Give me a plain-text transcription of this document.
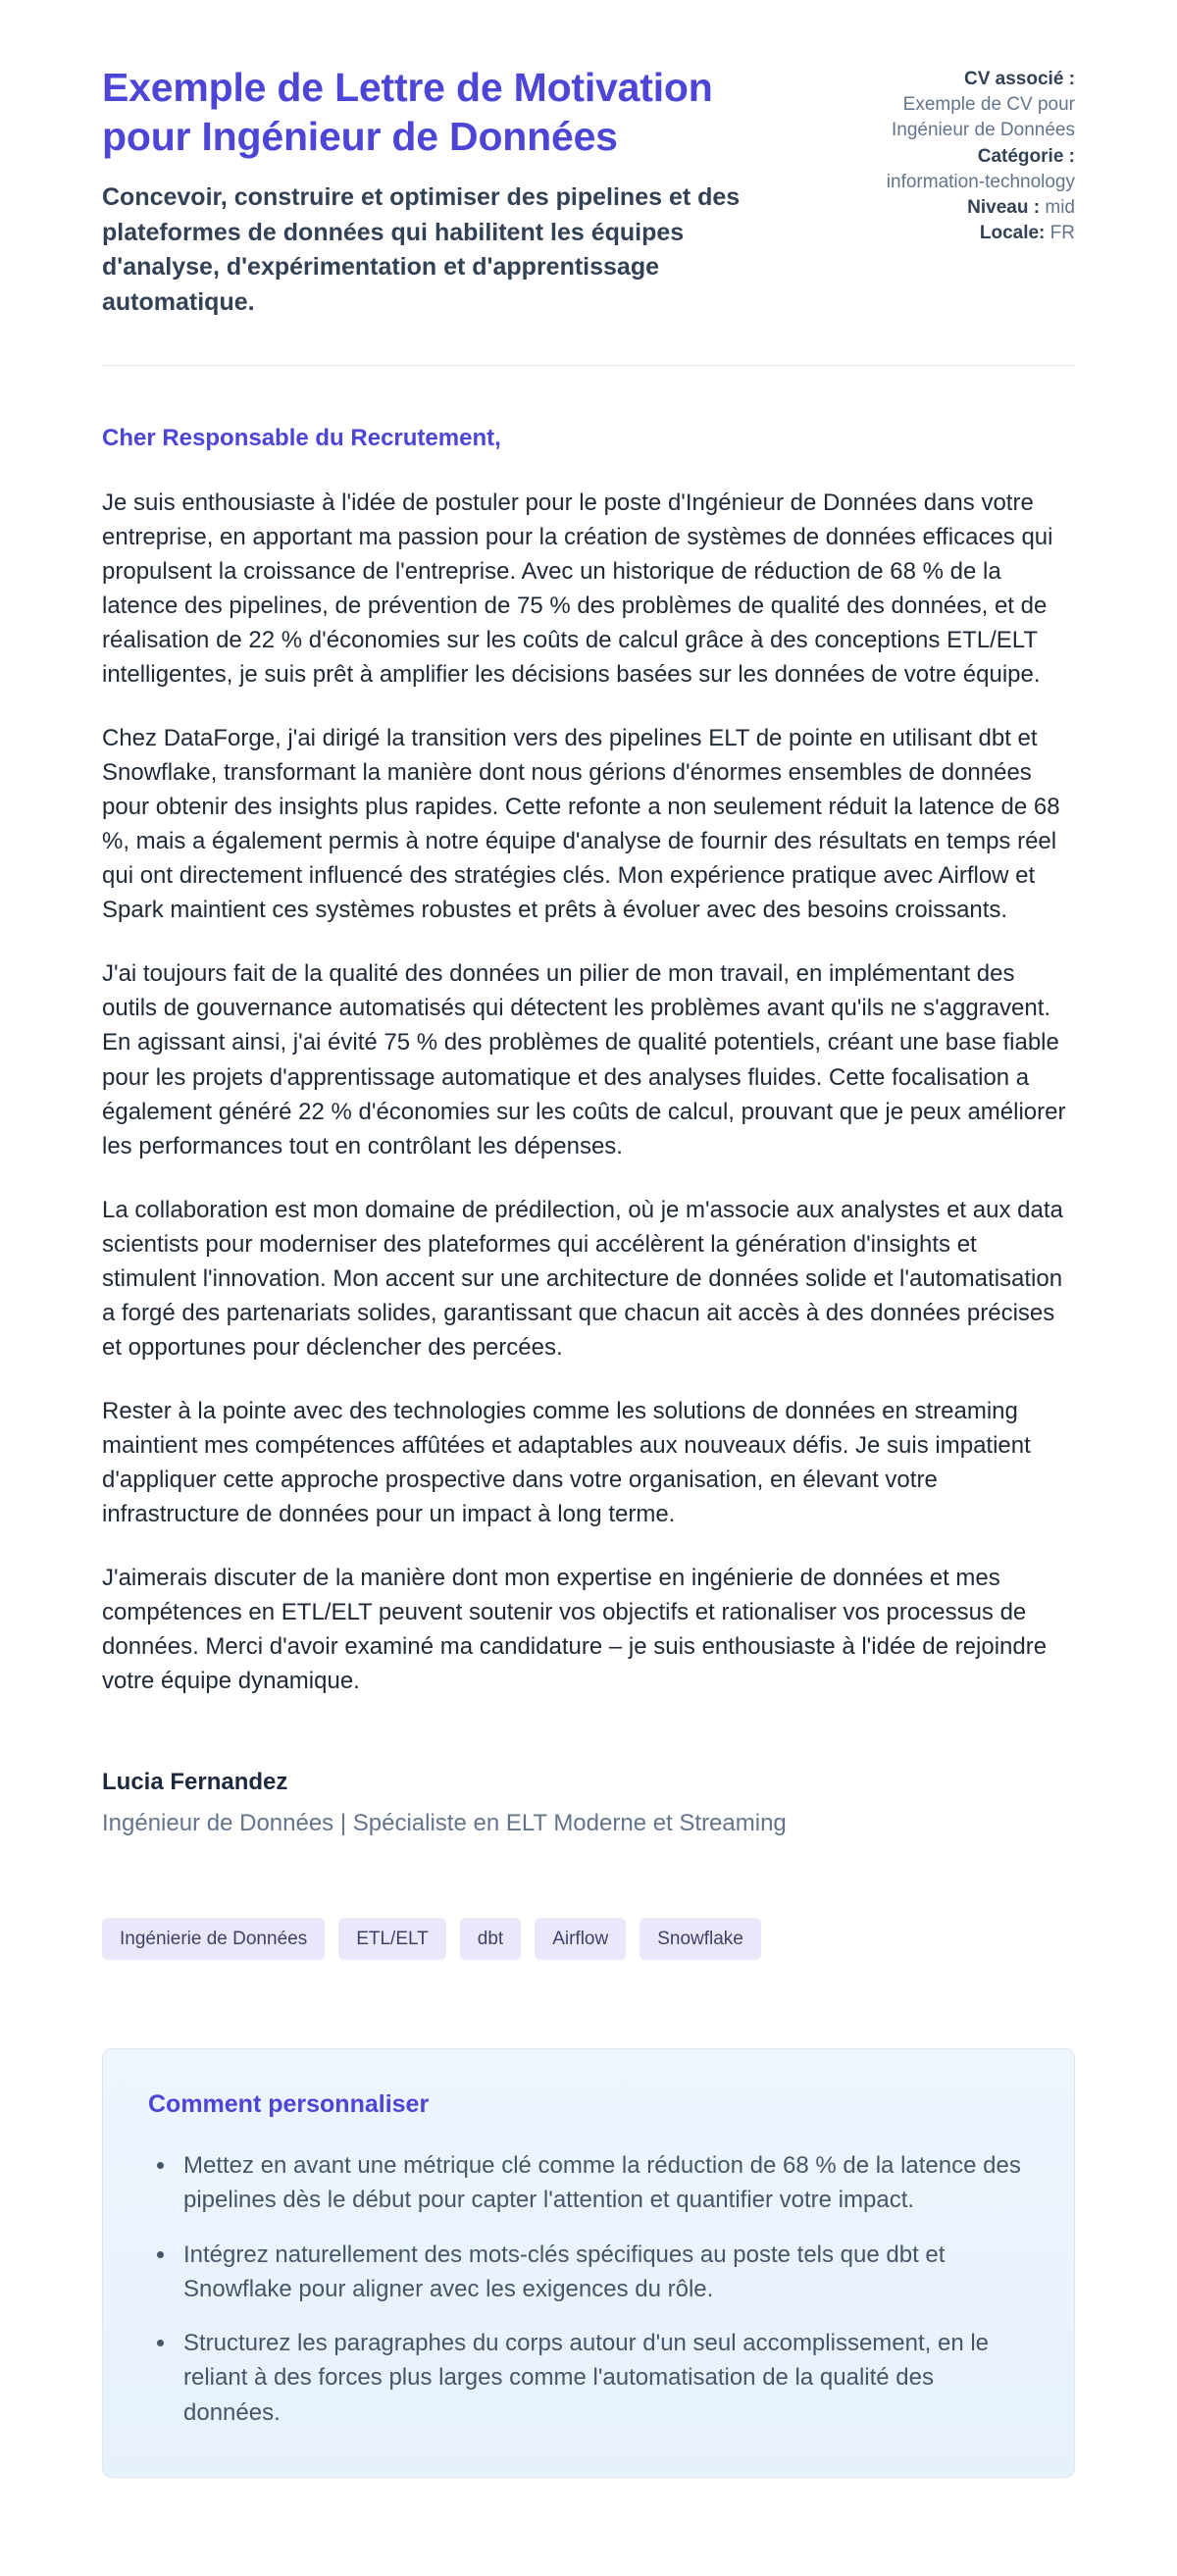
Exemple de Lettre de Motivation pour Ingénieur de Données

Concevoir, construire et optimiser des pipelines et des plateformes de données qui habilitent les équipes d'analyse, d'expérimentation et d'apprentissage automatique.

CV associé :

Exemple de CV pour Ingénieur de Données

Catégorie :

information-technology

Niveau : mid

Locale: FR

Cher Responsable du Recrutement,

Je suis enthousiaste à l'idée de postuler pour le poste d'Ingénieur de Données dans votre entreprise, en apportant ma passion pour la création de systèmes de données efficaces qui propulsent la croissance de l'entreprise. Avec un historique de réduction de 68 % de la latence des pipelines, de prévention de 75 % des problèmes de qualité des données, et de réalisation de 22 % d'économies sur les coûts de calcul grâce à des conceptions ETL/ELT intelligentes, je suis prêt à amplifier les décisions basées sur les données de votre équipe.

Chez DataForge, j'ai dirigé la transition vers des pipelines ELT de pointe en utilisant dbt et Snowflake, transformant la manière dont nous gérions d'énormes ensembles de données pour obtenir des insights plus rapides. Cette refonte a non seulement réduit la latence de 68 %, mais a également permis à notre équipe d'analyse de fournir des résultats en temps réel qui ont directement influencé des stratégies clés. Mon expérience pratique avec Airflow et Spark maintient ces systèmes robustes et prêts à évoluer avec des besoins croissants.

J'ai toujours fait de la qualité des données un pilier de mon travail, en implémentant des outils de gouvernance automatisés qui détectent les problèmes avant qu'ils ne s'aggravent. En agissant ainsi, j'ai évité 75 % des problèmes de qualité potentiels, créant une base fiable pour les projets d'apprentissage automatique et des analyses fluides. Cette focalisation a également généré 22 % d'économies sur les coûts de calcul, prouvant que je peux améliorer les performances tout en contrôlant les dépenses.

La collaboration est mon domaine de prédilection, où je m'associe aux analystes et aux data scientists pour moderniser des plateformes qui accélèrent la génération d'insights et stimulent l'innovation. Mon accent sur une architecture de données solide et l'automatisation a forgé des partenariats solides, garantissant que chacun ait accès à des données précises et opportunes pour déclencher des percées.

Rester à la pointe avec des technologies comme les solutions de données en streaming maintient mes compétences affûtées et adaptables aux nouveaux défis. Je suis impatient d'appliquer cette approche prospective dans votre organisation, en élevant votre infrastructure de données pour un impact à long terme.

J'aimerais discuter de la manière dont mon expertise en ingénierie de données et mes compétences en ETL/ELT peuvent soutenir vos objectifs et rationaliser vos processus de données. Merci d'avoir examiné ma candidature – je suis enthousiaste à l'idée de rejoindre votre équipe dynamique.

Lucia Fernandez

Ingénieur de Données | Spécialiste en ELT Moderne et Streaming

Ingénierie de Données	ETL/ELT	dbt	Airflow	Snowflake
Comment personnaliser
• Mettez en avant une métrique clé comme la réduction de 68 % de la latence des pipelines dès le début pour capter l'attention et quantifier votre impact.
• Intégrez naturellement des mots-clés spécifiques au poste tels que dbt et Snowflake pour aligner avec les exigences du rôle.
• Structurez les paragraphes du corps autour d'un seul accomplissement, en le reliant à des forces plus larges comme l'automatisation de la qualité des données.
